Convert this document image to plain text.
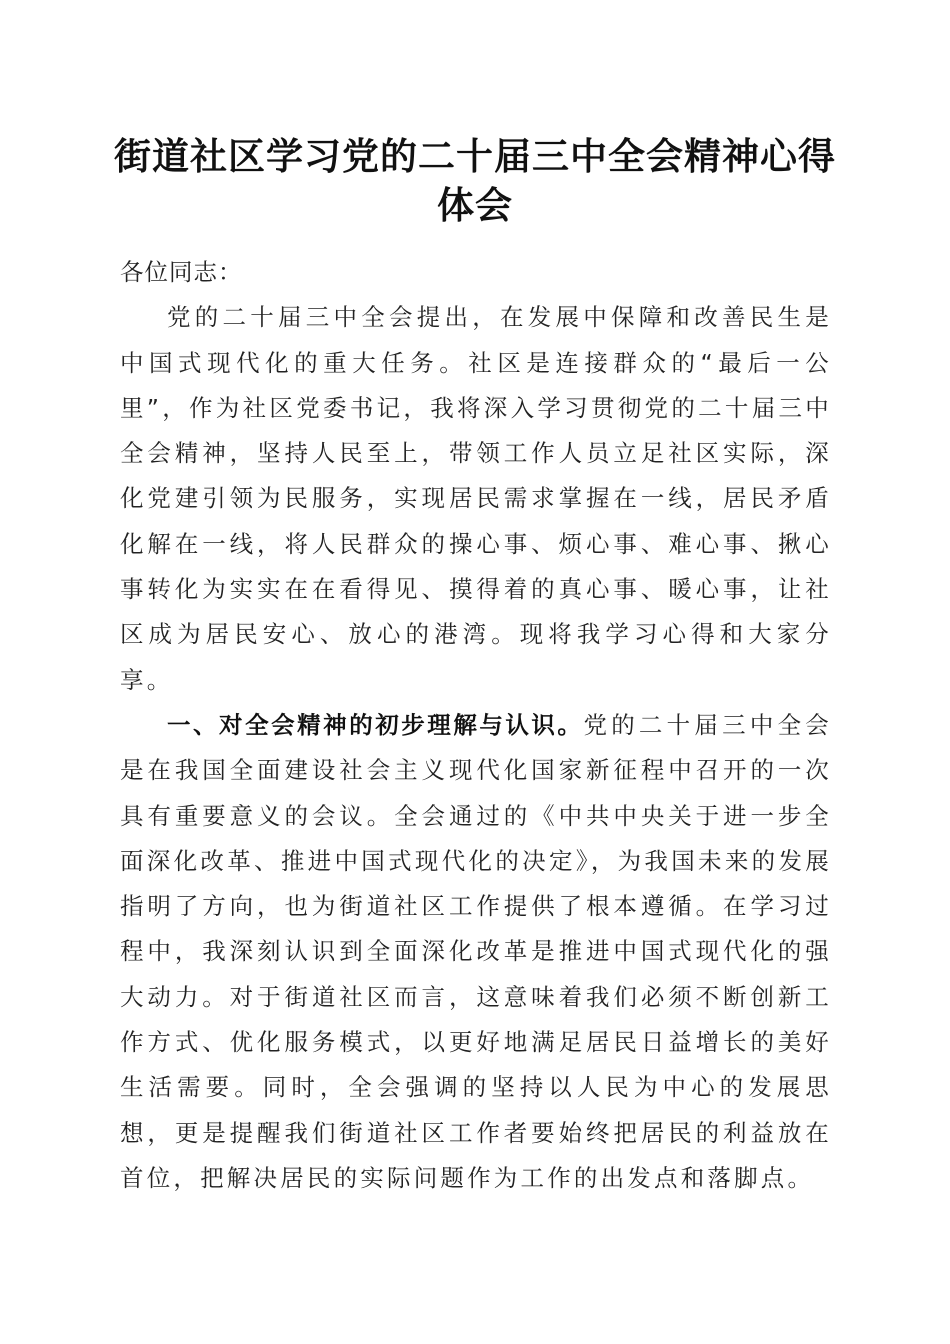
街道社区学习党的二十届三中全会精神心得体会

各位同志：

党的二十届三中全会提出，在发展中保障和改善民生是中国式现代化的重大任务。社区是连接群众的“最后一公里”，作为社区党委书记，我将深入学习贯彻党的二十届三中全会精神，坚持人民至上，带领工作人员立足社区实际，深化党建引领为民服务，实现居民需求掌握在一线，居民矛盾化解在一线，将人民群众的操心事、烦心事、难心事、揪心事转化为实实在在看得见、摸得着的真心事、暖心事，让社区成为居民安心、放心的港湾。现将我学习心得和大家分享。

一、对全会精神的初步理解与认识。党的二十届三中全会是在我国全面建设社会主义现代化国家新征程中召开的一次具有重要意义的会议。全会通过的《中共中央关于进一步全面深化改革、推进中国式现代化的决定》，为我国未来的发展指明了方向，也为街道社区工作提供了根本遵循。在学习过程中，我深刻认识到全面深化改革是推进中国式现代化的强大动力。对于街道社区而言，这意味着我们必须不断创新工作方式、优化服务模式，以更好地满足居民日益增长的美好生活需要。同时，全会强调的坚持以人民为中心的发展思想，更是提醒我们街道社区工作者要始终把居民的利益放在首位，把解决居民的实际问题作为工作的出发点和落脚点。
